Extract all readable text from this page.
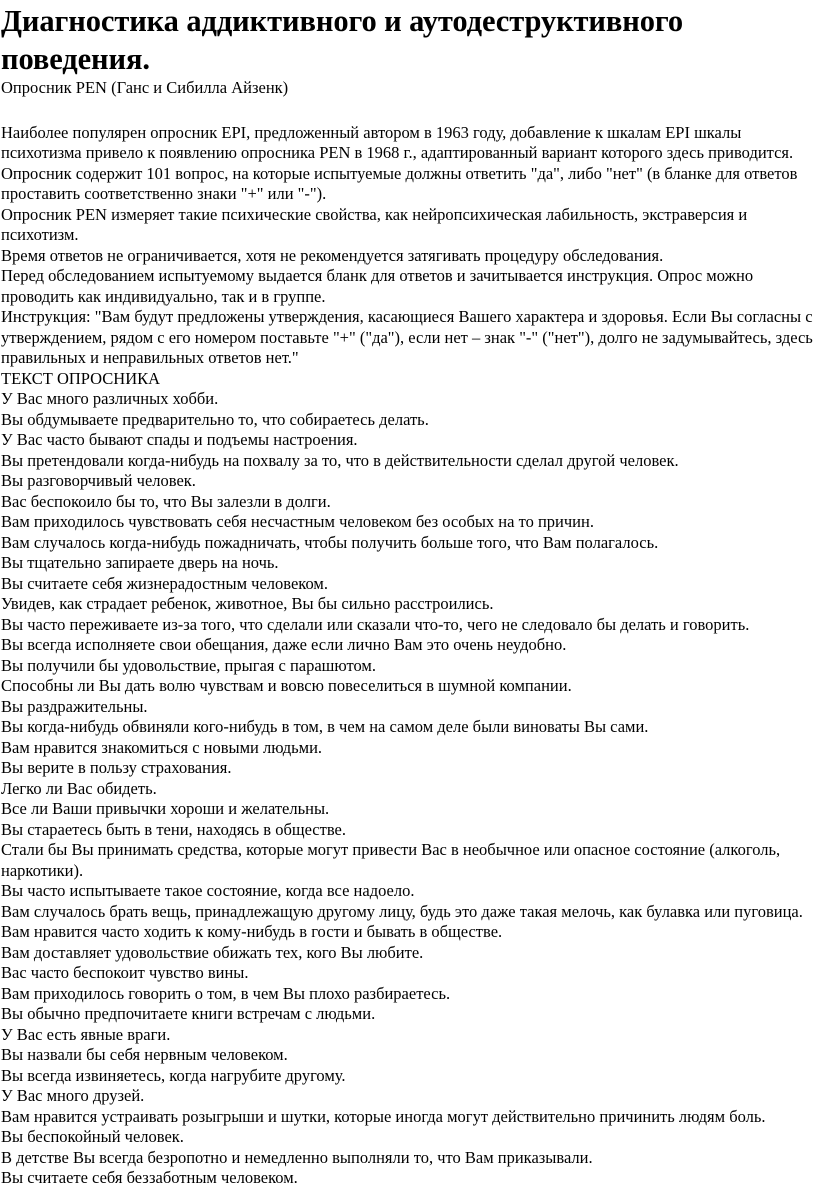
Диагностика аддиктивного и аутодеструктивного поведения.

Опросник PEN (Ганс и Сибилла Айзенк)

Наиболее популярен опросник EPI, предложенный автором в 1963 году, добавление к шкалам EPI шкалы психотизма привело к появлению опросника PEN в 1968 г., адаптированный вариант которого здесь приводится.

Опросник содержит 101 вопрос, на которые испытуемые должны ответить "да", либо "нет" (в бланке для ответов проставить соответственно знаки "+" или "-").

Опросник PEN измеряет такие психические свойства, как нейропсихическая лабильность, экстраверсия и психотизм.

Время ответов не ограничивается, хотя не рекомендуется затягивать процедуру обследования.

Перед обследованием испытуемому выдается бланк для ответов и зачитывается инструкция. Опрос можно проводить как индивидуально, так и в группе.

Инструкция: "Вам будут предложены утверждения, касающиеся Вашего характера и здоровья. Если Вы согласны с утверждением, рядом с его номером поставьте "+" ("да"), если нет – знак "-" ("нет"), долго не задумывайтесь, здесь правильных и неправильных ответов нет."

ТЕКСТ ОПРОСНИКА

У Вас много различных хобби.
Вы обдумываете предварительно то, что собираетесь делать.
У Вас часто бывают спады и подъемы настроения.
Вы претендовали когда-нибудь на похвалу за то, что в действительности сделал другой человек.
Вы разговорчивый человек.
Вас беспокоило бы то, что Вы залезли в долги.
Вам приходилось чувствовать себя несчастным человеком без особых на то причин.
Вам случалось когда-нибудь пожадничать, чтобы получить больше того, что Вам полагалось.
Вы тщательно запираете дверь на ночь.
Вы считаете себя жизнерадостным человеком.
Увидев, как страдает ребенок, животное, Вы бы сильно расстроились.
Вы часто переживаете из-за того, что сделали или сказали что-то, чего не следовало бы делать и говорить.
Вы всегда исполняете свои обещания, даже если лично Вам это очень неудобно.
Вы получили бы удовольствие, прыгая с парашютом.
Способны ли Вы дать волю чувствам и вовсю повеселиться в шумной компании.
Вы раздражительны.
Вы когда-нибудь обвиняли кого-нибудь в том, в чем на самом деле были виноваты Вы сами.
Вам нравится знакомиться с новыми людьми.
Вы верите в пользу страхования.
Легко ли Вас обидеть.
Все ли Ваши привычки хороши и желательны.
Вы стараетесь быть в тени, находясь в обществе.
Стали бы Вы принимать средства, которые могут привести Вас в необычное или опасное состояние (алкоголь, наркотики).
Вы часто испытываете такое состояние, когда все надоело.
Вам случалось брать вещь, принадлежащую другому лицу, будь это даже такая мелочь, как булавка или пуговица.
Вам нравится часто ходить к кому-нибудь в гости и бывать в обществе.
Вам доставляет удовольствие обижать тех, кого Вы любите.
Вас часто беспокоит чувство вины.
Вам приходилось говорить о том, в чем Вы плохо разбираетесь.
Вы обычно предпочитаете книги встречам с людьми.
У Вас есть явные враги.
Вы назвали бы себя нервным человеком.
Вы всегда извиняетесь, когда нагрубите другому.
У Вас много друзей.
Вам нравится устраивать розыгрыши и шутки, которые иногда могут действительно причинить людям боль.
Вы беспокойный человек.
В детстве Вы всегда безропотно и немедленно выполняли то, что Вам приказывали.
Вы считаете себя беззаботным человеком.
